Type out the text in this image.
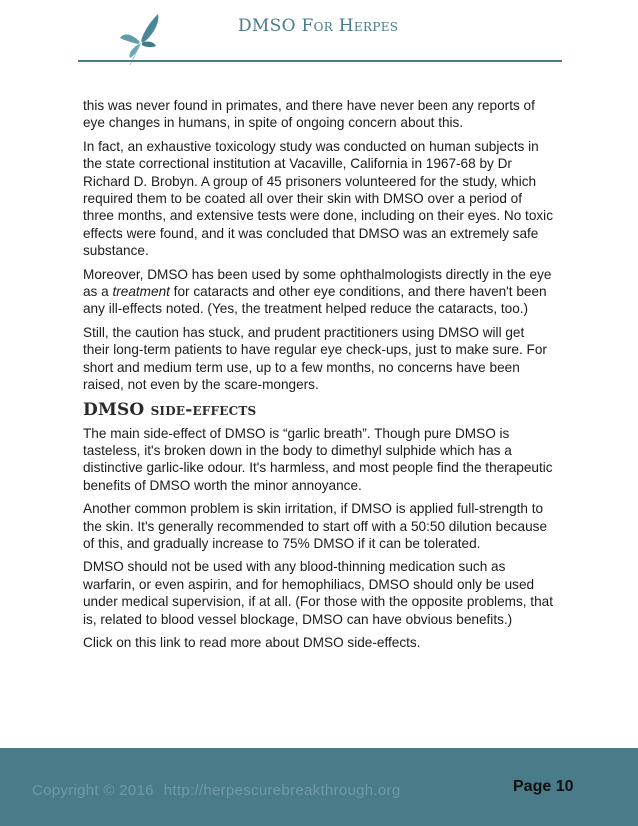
DMSO For Herpes

this was never found in primates, and there have never been any reports of eye changes in humans, in spite of ongoing concern about this.

In fact, an exhaustive toxicology study was conducted on human subjects in the state correctional institution at Vacaville, California in 1967-68 by Dr Richard D. Brobyn. A group of 45 prisoners volunteered for the study, which required them to be coated all over their skin with DMSO over a period of three months, and extensive tests were done, including on their eyes. No toxic effects were found, and it was concluded that DMSO was an extremely safe substance.

Moreover, DMSO has been used by some ophthalmologists directly in the eye as a treatment for cataracts and other eye conditions, and there haven't been any ill-effects noted. (Yes, the treatment helped reduce the cataracts, too.)

Still, the caution has stuck, and prudent practitioners using DMSO will get their long-term patients to have regular eye check-ups, just to make sure. For short and medium term use, up to a few months, no concerns have been raised, not even by the scare-mongers.

DMSO side-effects

The main side-effect of DMSO is “garlic breath”. Though pure DMSO is tasteless, it's broken down in the body to dimethyl sulphide which has a distinctive garlic-like odour. It's harmless, and most people find the therapeutic benefits of DMSO worth the minor annoyance.

Another common problem is skin irritation, if DMSO is applied full-strength to the skin. It's generally recommended to start off with a 50:50 dilution because of this, and gradually increase to 75% DMSO if it can be tolerated.

DMSO should not be used with any blood-thinning medication such as warfarin, or even aspirin, and for hemophiliacs, DMSO should only be used under medical supervision, if at all. (For those with the opposite problems, that is, related to blood vessel blockage, DMSO can have obvious benefits.)

Click on this link to read more about DMSO side-effects.

Copyright © 2016 http://herpescurebreakthrough.org	Page 10
